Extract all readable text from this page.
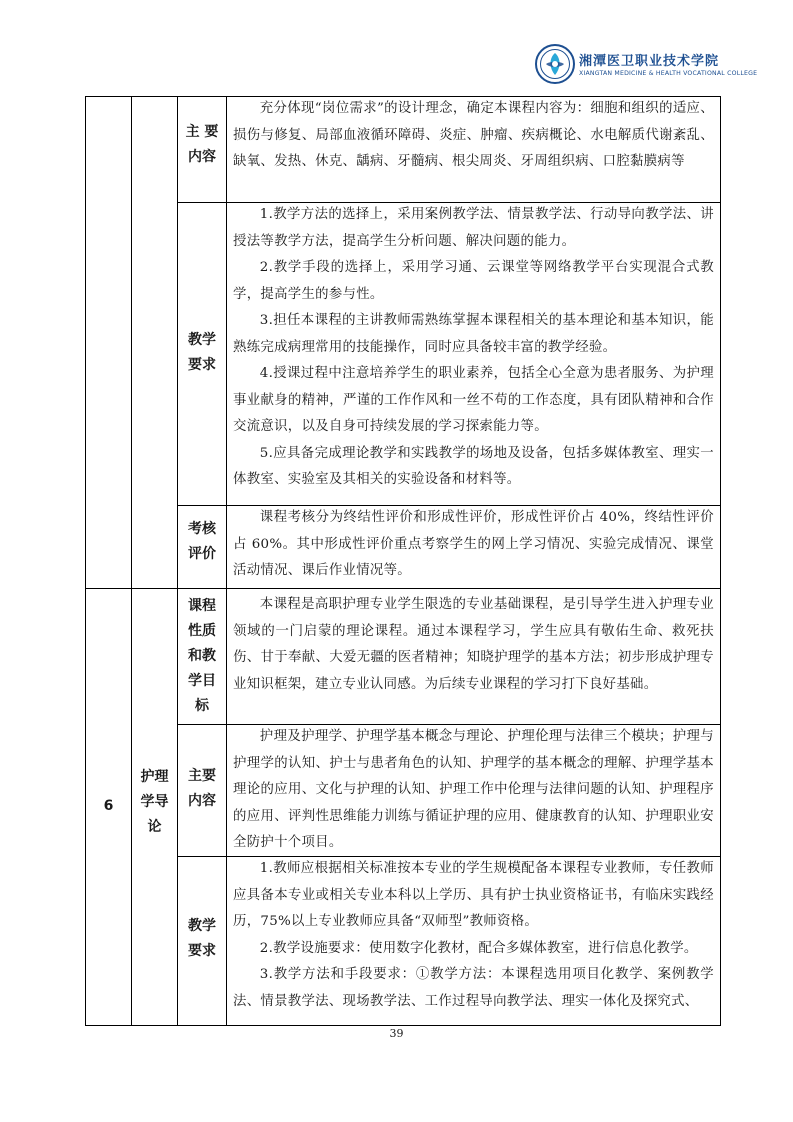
湘潭医卫职业技术学院
XIANGTAN MEDICINE & HEALTH VOCATIONAL COLLEGE
主 要
内容

充分体现“岗位需求”的设计理念，确定本课程内容为：细胞和组织的适应、损伤与修复、局部血液循环障碍、炎症、肿瘤、疾病概论、水电解质代谢紊乱、缺氧、发热、休克、龋病、牙髓病、根尖周炎、牙周组织病、口腔黏膜病等

教学
要求

1.教学方法的选择上，采用案例教学法、情景教学法、行动导向教学法、讲授法等教学方法，提高学生分析问题、解决问题的能力。

2.教学手段的选择上，采用学习通、云课堂等网络教学平台实现混合式教学，提高学生的参与性。

3.担任本课程的主讲教师需熟练掌握本课程相关的基本理论和基本知识，能熟练完成病理常用的技能操作，同时应具备较丰富的教学经验。

4.授课过程中注意培养学生的职业素养，包括全心全意为患者服务、为护理事业献身的精神，严谨的工作作风和一丝不苟的工作态度，具有团队精神和合作交流意识，以及自身可持续发展的学习探索能力等。

5.应具备完成理论教学和实践教学的场地及设备，包括多媒体教室、理实一体教室、实验室及其相关的实验设备和材料等。

考核
评价

课程考核分为终结性评价和形成性评价，形成性评价占 40%，终结性评价占 60%。其中形成性评价重点考察学生的网上学习情况、实验完成情况、课堂活动情况、课后作业情况等。

6
护理
学导
论
课程
性质
和教
学目
标

本课程是高职护理专业学生限选的专业基础课程，是引导学生进入护理专业领域的一门启蒙的理论课程。通过本课程学习，学生应具有敬佑生命、救死扶伤、甘于奉献、大爱无疆的医者精神；知晓护理学的基本方法；初步形成护理专业知识框架，建立专业认同感。为后续专业课程的学习打下良好基础。

主要
内容

护理及护理学、护理学基本概念与理论、护理伦理与法律三个模块；护理与护理学的认知、护士与患者角色的认知、护理学的基本概念的理解、护理学基本理论的应用、文化与护理的认知、护理工作中伦理与法律问题的认知、护理程序的应用、评判性思维能力训练与循证护理的应用、健康教育的认知、护理职业安全防护十个项目。

教学
要求

1.教师应根据相关标准按本专业的学生规模配备本课程专业教师，专任教师应具备本专业或相关专业本科以上学历、具有护士执业资格证书，有临床实践经历，75%以上专业教师应具备“双师型”教师资格。

2.教学设施要求：使用数字化教材，配合多媒体教室，进行信息化教学。

3.教学方法和手段要求：①教学方法：本课程选用项目化教学、案例教学法、情景教学法、现场教学法、工作过程导向教学法、理实一体化及探究式、

39
